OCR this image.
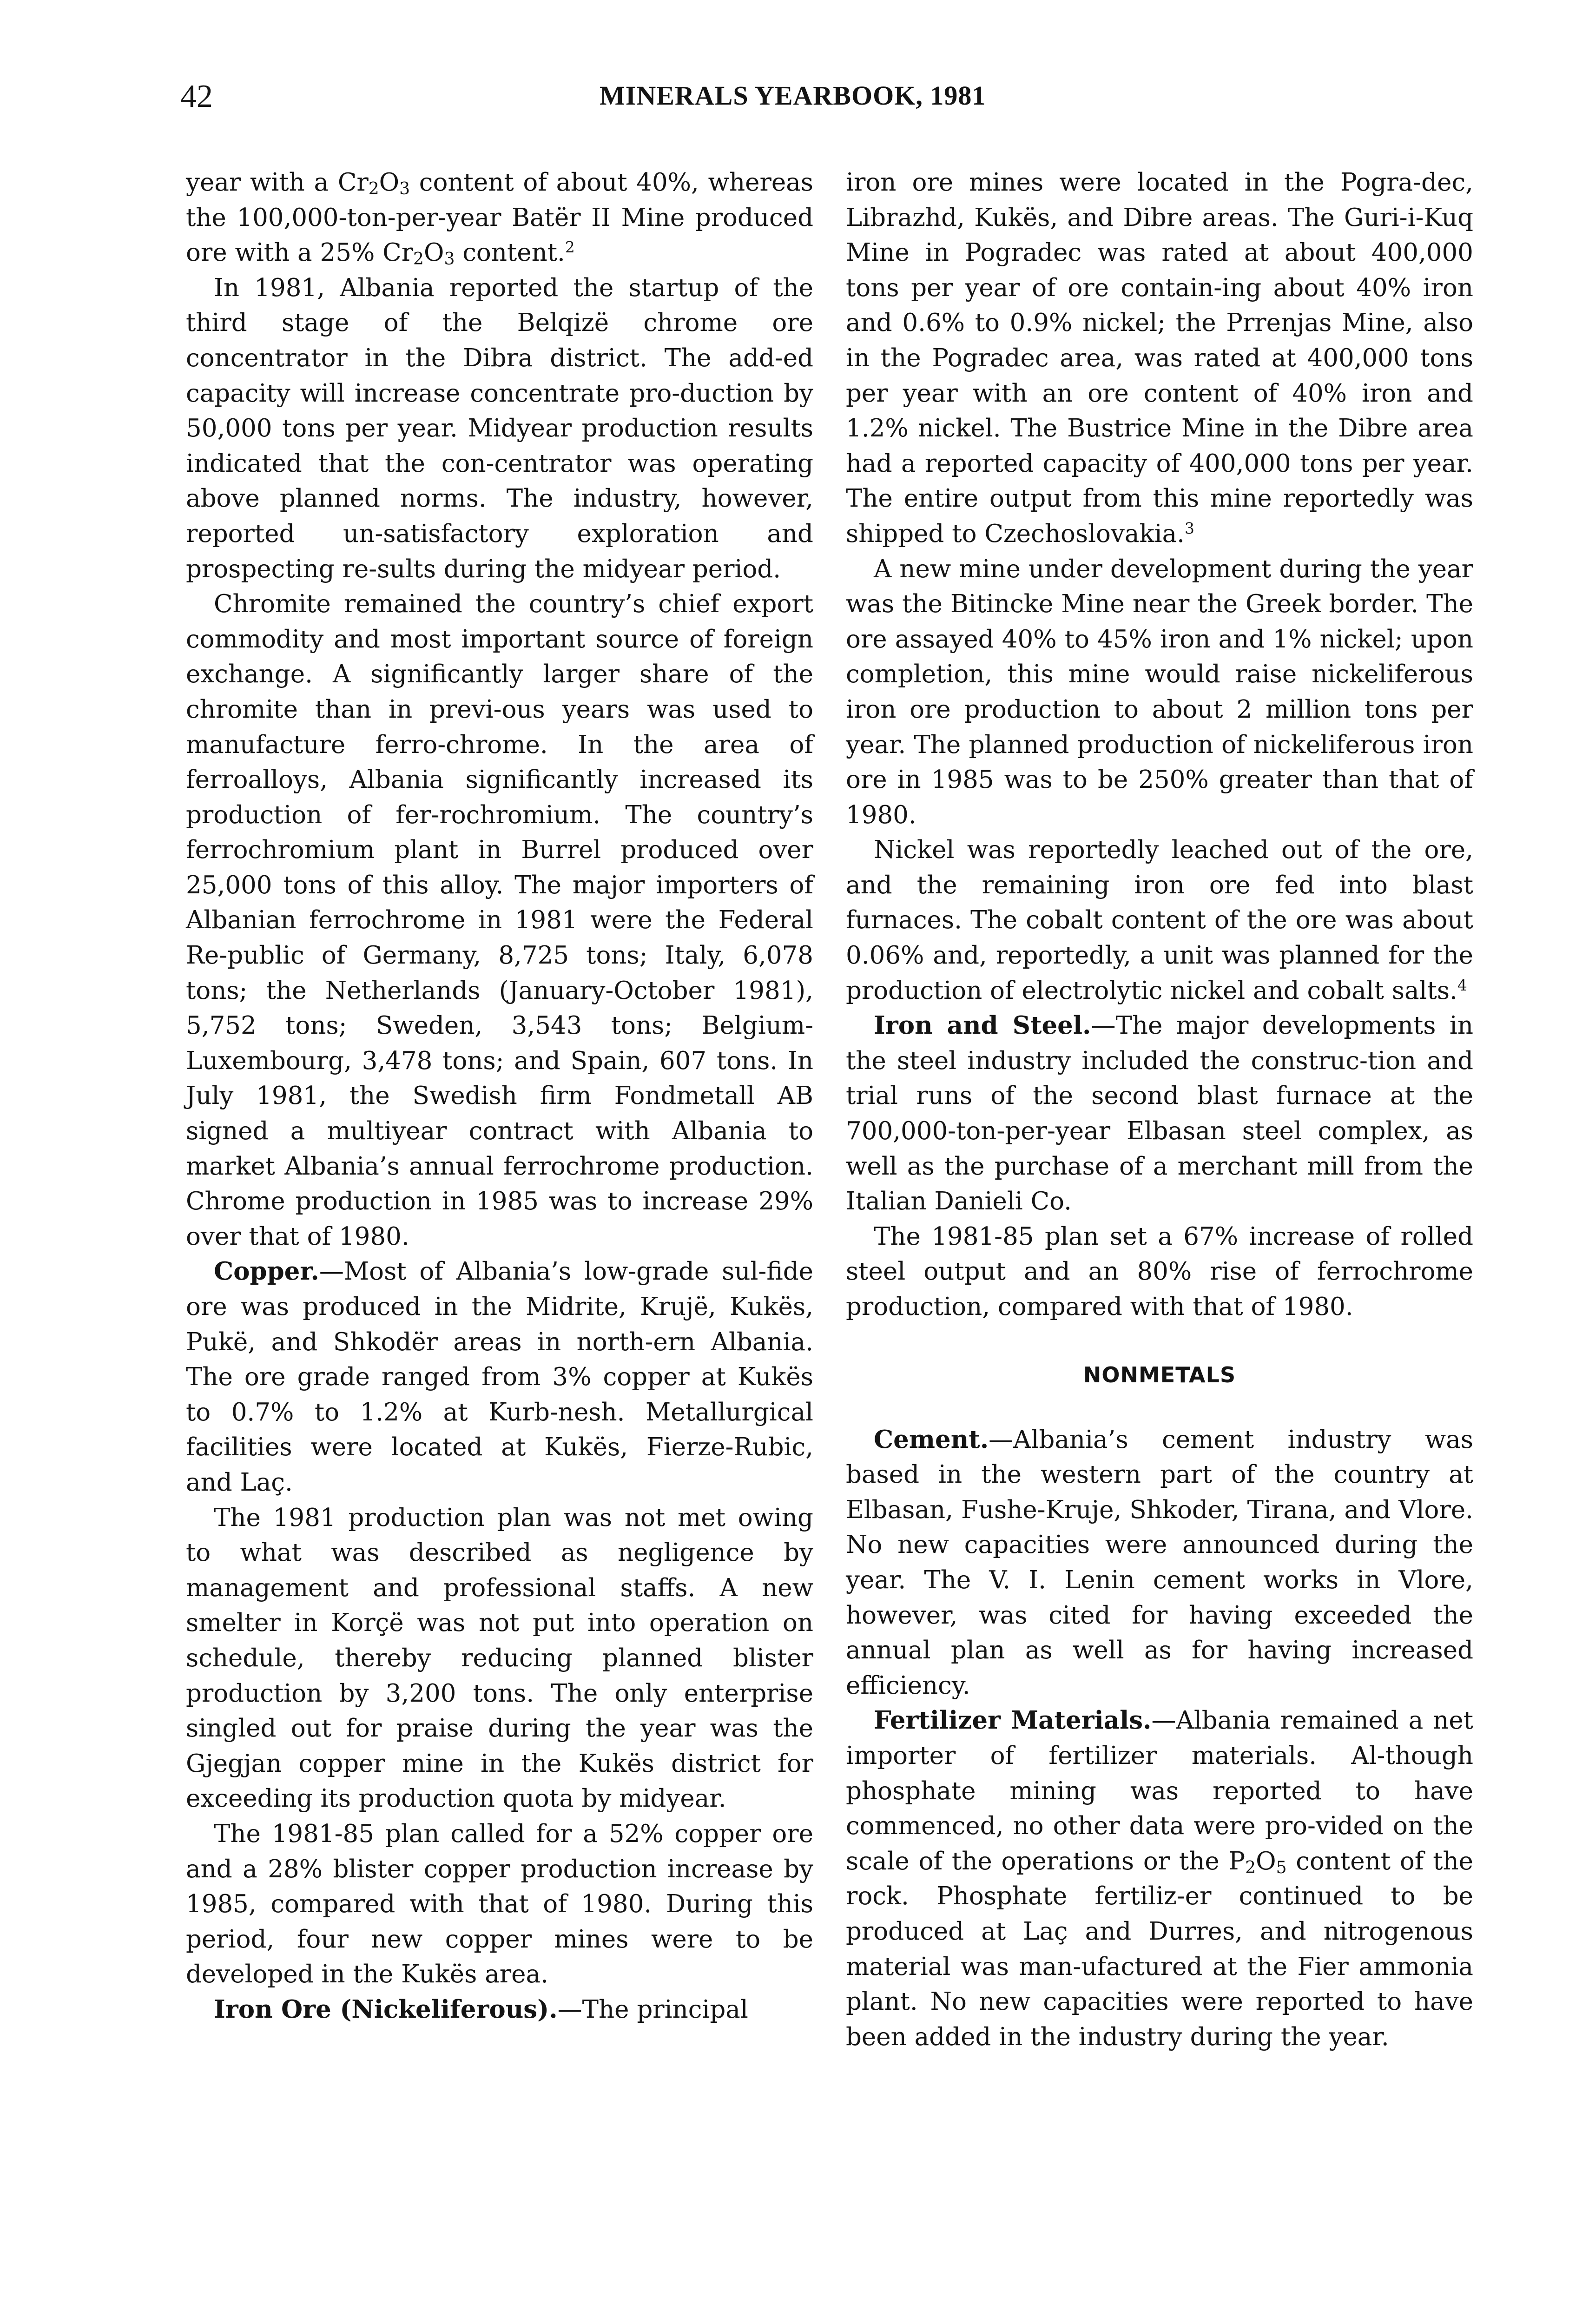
42	MINERALS YEARBOOK, 1981

year with a $Cr_2O_3$ content of about 40%, whereas the 100,000-ton-per-year Batër II Mine produced ore with a 25% $Cr_2O_3$ content.$^2$

In 1981, Albania reported the startup of the third stage of the Belqizë chrome ore concentrator in the Dibra district. The add-ed capacity will increase concentrate pro-duction by 50,000 tons per year. Midyear production results indicated that the con-centrator was operating above planned norms. The industry, however, reported un-satisfactory exploration and prospecting re-sults during the midyear period.

Chromite remained the country’s chief export commodity and most important source of foreign exchange. A significantly larger share of the chromite than in previ-ous years was used to manufacture ferro-chrome. In the area of ferroalloys, Albania significantly increased its production of fer-rochromium. The country’s ferrochromium plant in Burrel produced over 25,000 tons of this alloy. The major importers of Albanian ferrochrome in 1981 were the Federal Re-public of Germany, 8,725 tons; Italy, 6,078 tons; the Netherlands (January-October 1981), 5,752 tons; Sweden, 3,543 tons; Belgium-Luxembourg, 3,478 tons; and Spain, 607 tons. In July 1981, the Swedish firm Fondmetall AB signed a multiyear contract with Albania to market Albania’s annual ferrochrome production. Chrome production in 1985 was to increase 29% over that of 1980.

Copper.—Most of Albania’s low-grade sul-fide ore was produced in the Midrite, Krujë, Kukës, Pukë, and Shkodër areas in north-ern Albania. The ore grade ranged from 3% copper at Kukës to 0.7% to 1.2% at Kurb-nesh. Metallurgical facilities were located at Kukës, Fierze-Rubic, and Laç.

The 1981 production plan was not met owing to what was described as negligence by management and professional staffs. A new smelter in Korçë was not put into operation on schedule, thereby reducing planned blister production by 3,200 tons. The only enterprise singled out for praise during the year was the Gjegjan copper mine in the Kukës district for exceeding its production quota by midyear.

The 1981-85 plan called for a 52% copper ore and a 28% blister copper production increase by 1985, compared with that of 1980. During this period, four new copper mines were to be developed in the Kukës area.

Iron Ore (Nickeliferous).—The principal

iron ore mines were located in the Pogra-dec, Librazhd, Kukës, and Dibre areas. The Guri-i-Kuq Mine in Pogradec was rated at about 400,000 tons per year of ore contain-ing about 40% iron and 0.6% to 0.9% nickel; the Prrenjas Mine, also in the Pogradec area, was rated at 400,000 tons per year with an ore content of 40% iron and 1.2% nickel. The Bustrice Mine in the Dibre area had a reported capacity of 400,000 tons per year. The entire output from this mine reportedly was shipped to Czechoslovakia.$^3$

A new mine under development during the year was the Bitincke Mine near the Greek border. The ore assayed 40% to 45% iron and 1% nickel; upon completion, this mine would raise nickeliferous iron ore production to about 2 million tons per year. The planned production of nickeliferous iron ore in 1985 was to be 250% greater than that of 1980.

Nickel was reportedly leached out of the ore, and the remaining iron ore fed into blast furnaces. The cobalt content of the ore was about 0.06% and, reportedly, a unit was planned for the production of electrolytic nickel and cobalt salts.$^4$

Iron and Steel.—The major developments in the steel industry included the construc-tion and trial runs of the second blast furnace at the 700,000-ton-per-year Elbasan steel complex, as well as the purchase of a merchant mill from the Italian Danieli Co.

The 1981-85 plan set a 67% increase of rolled steel output and an 80% rise of ferrochrome production, compared with that of 1980.

NONMETALS

Cement.—Albania’s cement industry was based in the western part of the country at Elbasan, Fushe-Kruje, Shkoder, Tirana, and Vlore. No new capacities were announced during the year. The V. I. Lenin cement works in Vlore, however, was cited for having exceeded the annual plan as well as for having increased efficiency.

Fertilizer Materials.—Albania remained a net importer of fertilizer materials. Al-though phosphate mining was reported to have commenced, no other data were pro-vided on the scale of the operations or the $P_2O_5$ content of the rock. Phosphate fertiliz-er continued to be produced at Laç and Durres, and nitrogenous material was man-ufactured at the Fier ammonia plant. No new capacities were reported to have been added in the industry during the year.
